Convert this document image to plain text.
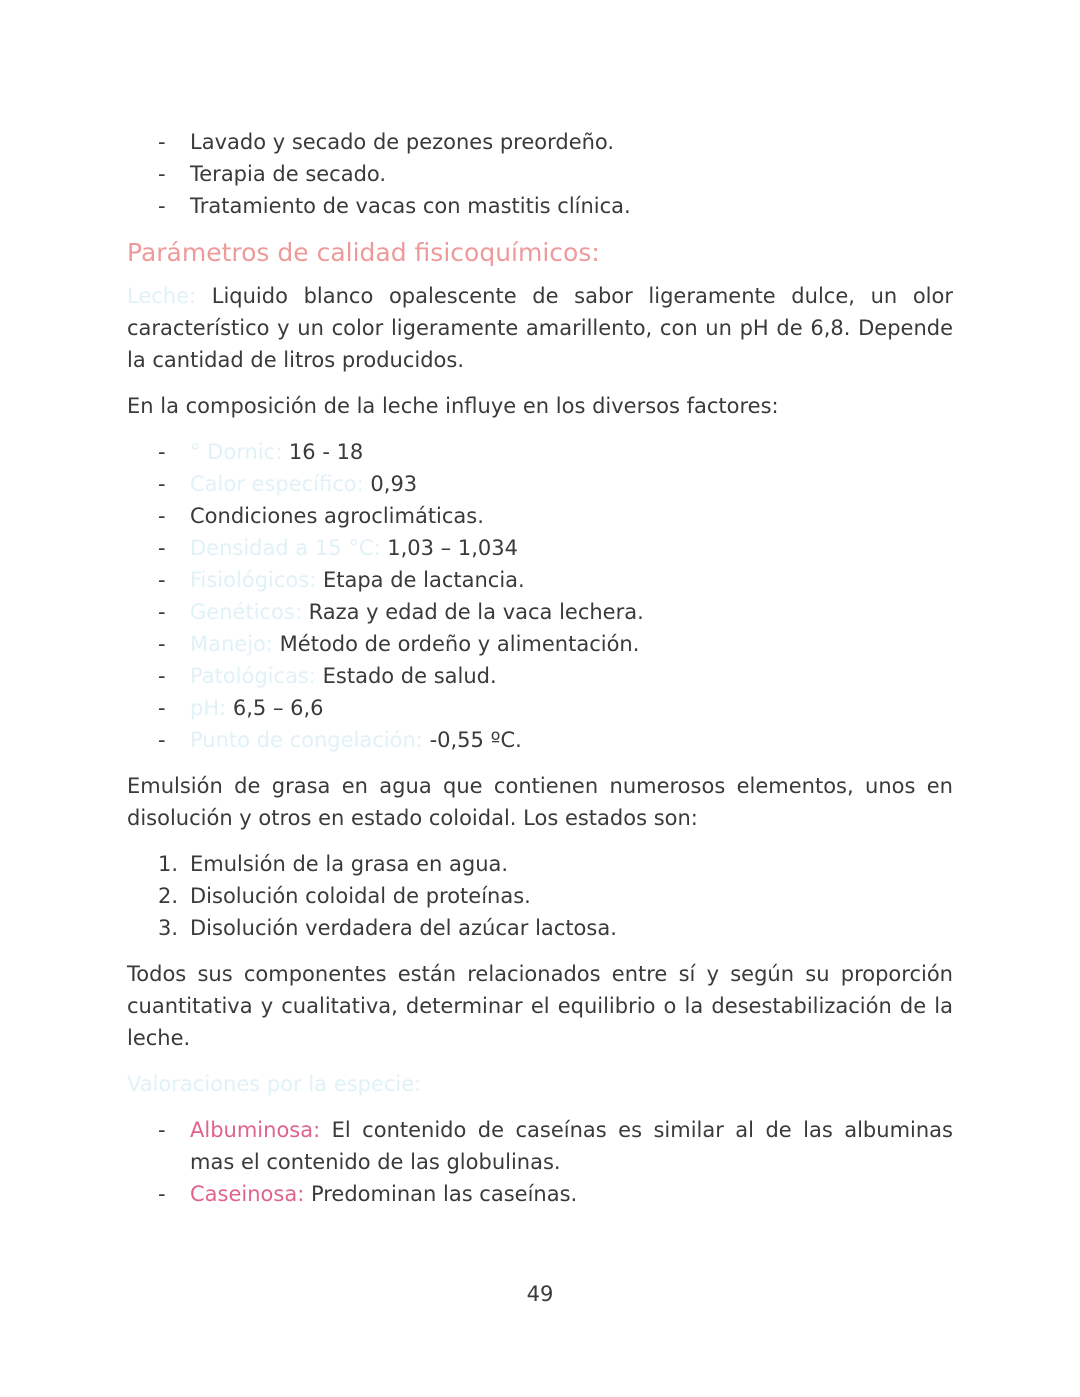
- Lavado y secado de pezones preordeño.
- Terapia de secado.
- Tratamiento de vacas con mastitis clínica.
Parámetros de calidad fisicoquímicos:

Leche: Liquido blanco opalescente de sabor ligeramente dulce, un olor característico y un color ligeramente amarillento, con un pH de 6,8. Depende la cantidad de litros producidos.

En la composición de la leche influye en los diversos factores:

- ° Dornic: 16 - 18
- Calor específico: 0,93
- Condiciones agroclimáticas.
- Densidad a 15 °C: 1,03 – 1,034
- Fisiológicos: Etapa de lactancia.
- Genéticos: Raza y edad de la vaca lechera.
- Manejo: Método de ordeño y alimentación.
- Patológicas: Estado de salud.
- pH: 6,5 – 6,6
- Punto de congelación: -0,55 ºC.

Emulsión de grasa en agua que contienen numerosos elementos, unos en disolución y otros en estado coloidal. Los estados son:

1. Emulsión de la grasa en agua.
2. Disolución coloidal de proteínas.
3. Disolución verdadera del azúcar lactosa.

Todos sus componentes están relacionados entre sí y según su proporción cuantitativa y cualitativa, determinar el equilibrio o la desestabilización de la leche.

Valoraciones por la especie:

- Albuminosa: El contenido de caseínas es similar al de las albuminas mas el contenido de las globulinas.

- Caseinosa: Predominan las caseínas.
49
